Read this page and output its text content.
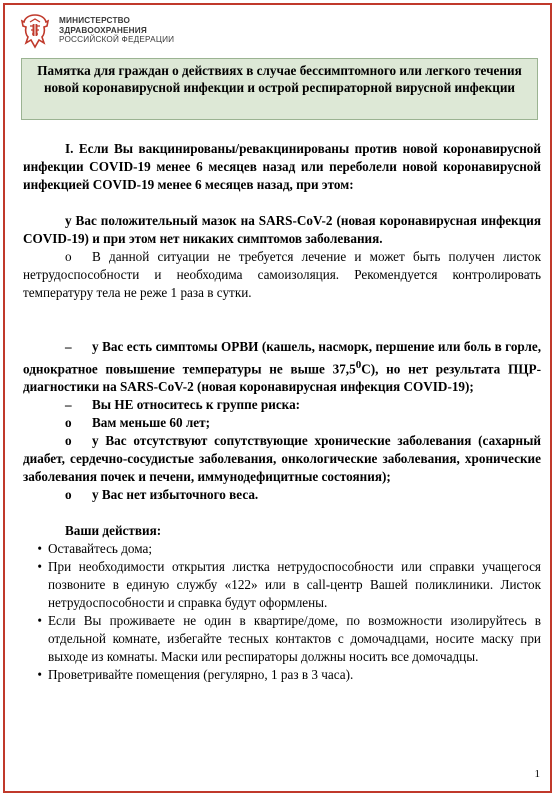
МИНИСТЕРСТВО
ЗДРАВООХРАНЕНИЯ
РОССИЙСКОЙ ФЕДЕРАЦИИ
Памятка для граждан о действиях в случае бессимптомного или легкого течения новой коронавирусной инфекции и острой респираторной вирусной инфекции

I. Если Вы вакцинированы/ревакцинированы против новой коронавирусной инфекции COVID-19 менее 6 месяцев назад или переболели новой коронавирусной инфекцией COVID-19 менее 6 месяцев назад, при этом:

у Вас положительный мазок на SARS-CoV-2 (новая коронавирусная инфекция COVID-19) и при этом нет никаких симптомов заболевания.

o В данной ситуации не требуется лечение и может быть получен листок нетрудоспособности и необходима самоизоляция. Рекомендуется контролировать температуру тела не реже 1 раза в сутки.

– у Вас есть симптомы ОРВИ (кашель, насморк, першение или боль в горле, однократное повышение температуры не выше 37,5$^0$С), но нет результата ПЦР-диагностики на SARS-CoV-2 (новая коронавирусная инфекция COVID-19);

– Вы НЕ относитесь к группе риска:

o Вам меньше 60 лет;

o у Вас отсутствуют сопутствующие хронические заболевания (сахарный диабет, сердечно-сосудистые заболевания, онкологические заболевания, хронические заболевания почек и печени, иммунодефицитные состояния);

o у Вас нет избыточного веса.

Ваши действия:

• Оставайтесь дома;
• При необходимости открытия листка нетрудоспособности или справки учащегося позвоните в единую службу «122» или в call-центр Вашей поликлиники. Листок нетрудоспособности и справка будут оформлены.
• Если Вы проживаете не один в квартире/доме, по возможности изолируйтесь в отдельной комнате, избегайте тесных контактов с домочадцами, носите маску при выходе из комнаты. Маски или респираторы должны носить все домочадцы.
• Проветривайте помещения (регулярно, 1 раз в 3 часа).
1
